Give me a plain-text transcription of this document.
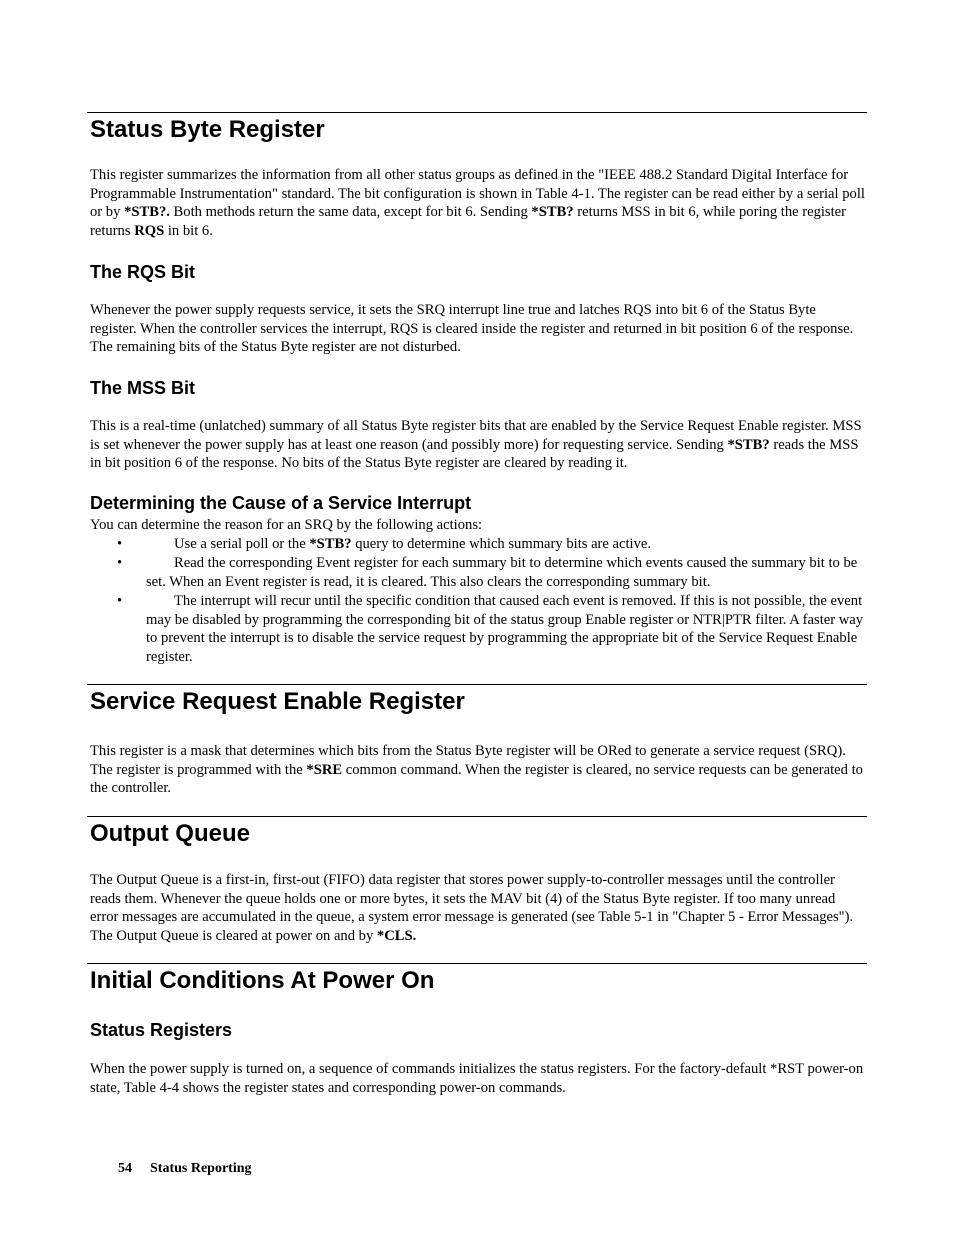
Status Byte Register
This register summarizes the information from all other status groups as defined in the "IEEE 488.2 Standard Digital Interface for Programmable Instrumentation" standard. The bit configuration is shown in Table 4-1. The register can be read either by a serial poll or by *STB?. Both methods return the same data, except for bit 6. Sending *STB? returns MSS in bit 6, while poring the register returns RQS in bit 6.
The RQS Bit
Whenever the power supply requests service, it sets the SRQ interrupt line true and latches RQS into bit 6 of the Status Byte register. When the controller services the interrupt, RQS is cleared inside the register and returned in bit position 6 of the response. The remaining bits of the Status Byte register are not disturbed.
The MSS Bit
This is a real-time (unlatched) summary of all Status Byte register bits that are enabled by the Service Request Enable register. MSS is set whenever the power supply has at least one reason (and possibly more) for requesting service. Sending *STB? reads the MSS in bit position 6 of the response. No bits of the Status Byte register are cleared by reading it.
Determining the Cause of a Service Interrupt
You can determine the reason for an SRQ by the following actions:
•	Use a serial poll or the *STB? query to determine which summary bits are active.
•	Read the corresponding Event register for each summary bit to determine which events caused the summary bit to be set. When an Event register is read, it is cleared. This also clears the corresponding summary bit.
•	The interrupt will recur until the specific condition that caused each event is removed. If this is not possible, the event may be disabled by programming the corresponding bit of the status group Enable register or NTR|PTR filter. A faster way to prevent the interrupt is to disable the service request by programming the appropriate bit of the Service Request Enable register.
Service Request Enable Register
This register is a mask that determines which bits from the Status Byte register will be ORed to generate a service request (SRQ). The register is programmed with the *SRE common command. When the register is cleared, no service requests can be generated to the controller.
Output Queue
The Output Queue is a first-in, first-out (FIFO) data register that stores power supply-to-controller messages until the controller reads them. Whenever the queue holds one or more bytes, it sets the MAV bit (4) of the Status Byte register. If too many unread error messages are accumulated in the queue, a system error message is generated (see Table 5-1 in "Chapter 5 - Error Messages"). The Output Queue is cleared at power on and by *CLS.
Initial Conditions At Power On
Status Registers
When the power supply is turned on, a sequence of commands initializes the status registers. For the factory-default *RST power-on state, Table 4-4 shows the register states and corresponding power-on commands.
54 Status Reporting
